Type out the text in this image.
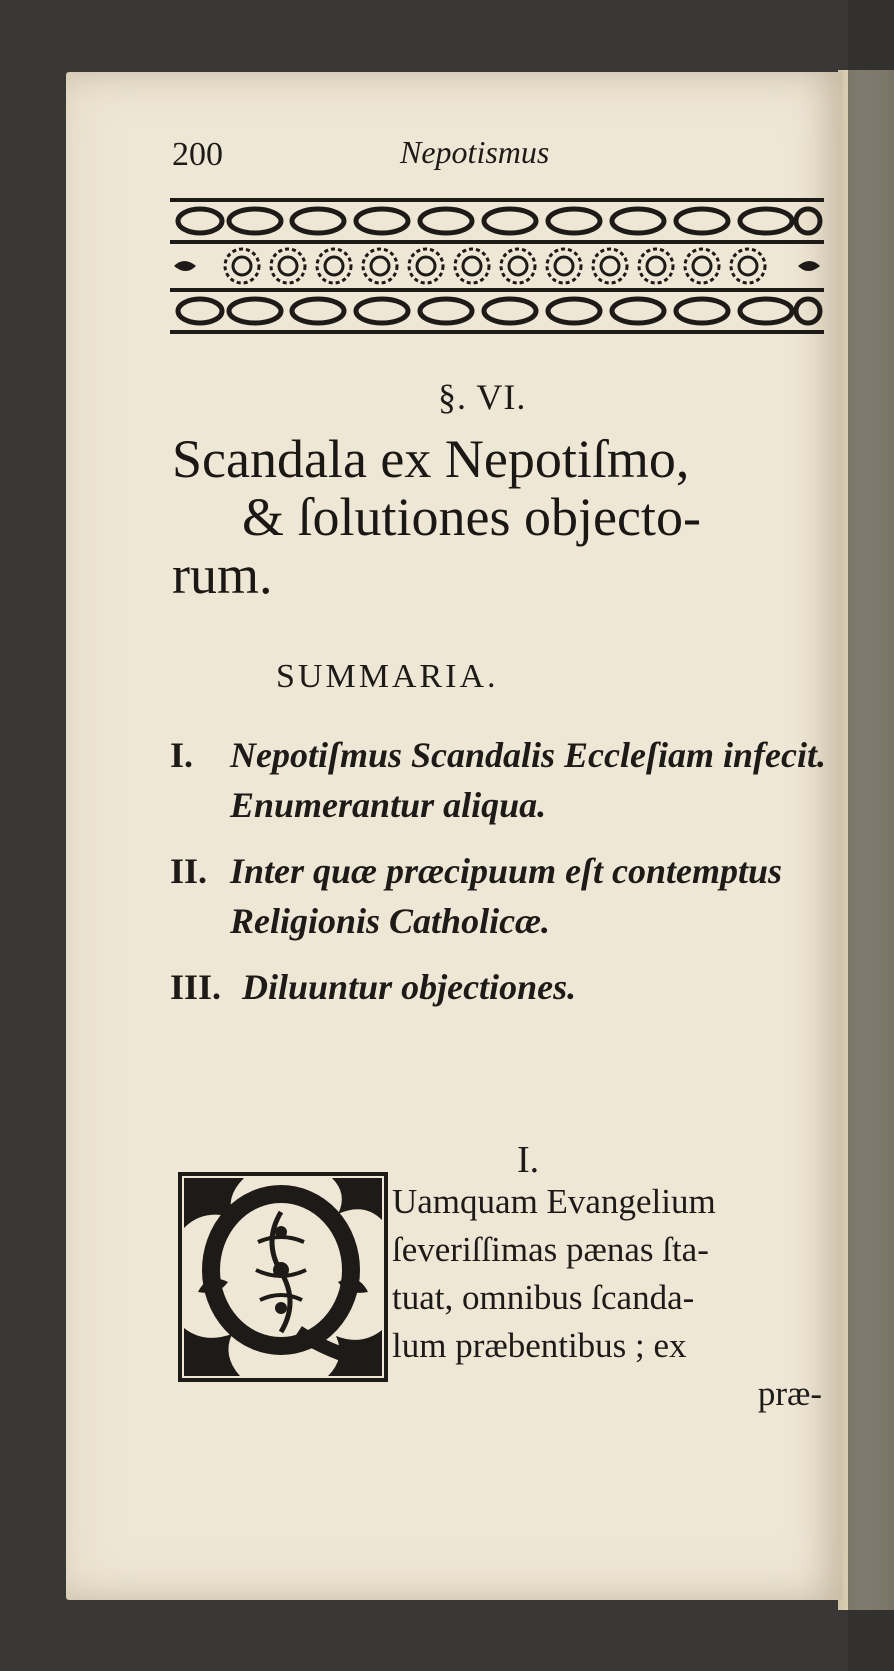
200	Nepotismus
§. VI.
Scandala ex Nepotiſmo,
& ſolutiones objecto-
rum.
SUMMARIA.
I. Nepotiſmus Scandalis Eccleſiam infecit. Enumerantur aliqua.
II. Inter quæ præcipuum eſt contemptus Religionis Catholicæ.
III. Diluuntur objectiones.
I.
Uamquam Evangelium
ſeveriſſimas pænas ſta-
tuat, omnibus ſcanda-
lum præbentibus ; ex
præ-
